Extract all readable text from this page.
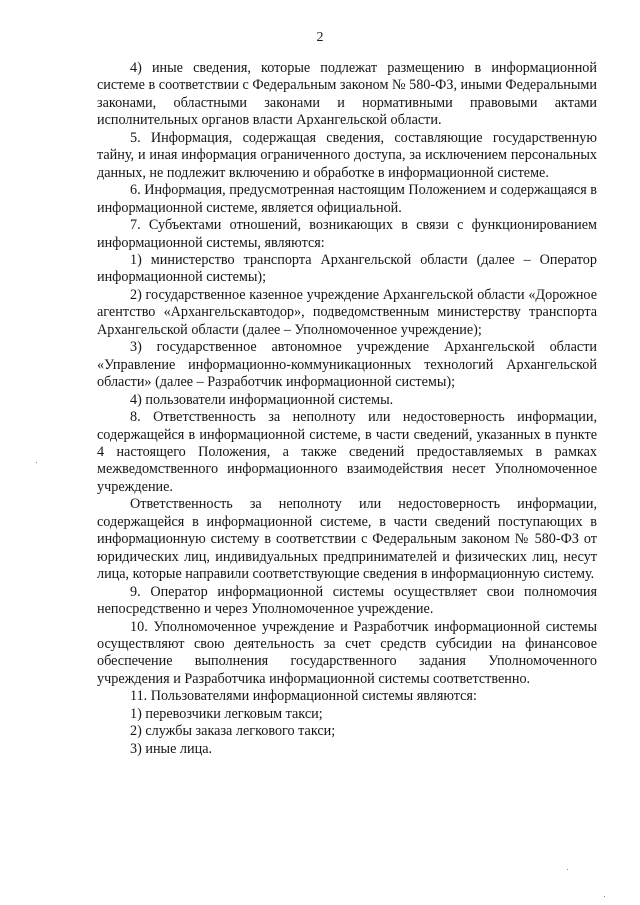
2

4) иные сведения, которые подлежат размещению в информационной системе в соответствии с Федеральным законом № 580-ФЗ, иными Федеральными законами, областными законами и нормативными правовыми актами исполнительных органов власти Архангельской области.

5. Информация, содержащая сведения, составляющие государственную тайну, и иная информация ограниченного доступа, за исключением персональных данных, не подлежит включению и обработке в информационной системе.

6. Информация, предусмотренная настоящим Положением и содержащаяся в информационной системе, является официальной.

7. Субъектами отношений, возникающих в связи с функционированием информационной системы, являются:

1) министерство транспорта Архангельской области (далее – Оператор информационной системы);

2) государственное казенное учреждение Архангельской области «Дорожное агентство «Архангельскавтодор», подведомственным министерству транспорта Архангельской области (далее – Уполномоченное учреждение);

3) государственное автономное учреждение Архангельской области «Управление информационно-коммуникационных технологий Архангельской области» (далее – Разработчик информационной системы);

4) пользователи информационной системы.

8. Ответственность за неполноту или недостоверность информации, содержащейся в информационной системе, в части сведений, указанных в пункте 4 настоящего Положения, а также сведений предоставляемых в рамках межведомственного информационного взаимодействия несет Уполномоченное учреждение.

Ответственность за неполноту или недостоверность информации, содержащейся в информационной системе, в части сведений поступающих в информационную систему в соответствии с Федеральным законом № 580-ФЗ от юридических лиц, индивидуальных предпринимателей и физических лиц, несут лица, которые направили соответствующие сведения в информационную систему.

9. Оператор информационной системы осуществляет свои полномочия непосредственно и через Уполномоченное учреждение.

10. Уполномоченное учреждение и Разработчик информационной системы осуществляют свою деятельность за счет средств субсидии на финансовое обеспечение выполнения государственного задания Уполномоченного учреждения и Разработчика информационной системы соответственно.

11. Пользователями информационной системы являются:

1) перевозчики легковым такси;

2) службы заказа легкового такси;

3) иные лица.
